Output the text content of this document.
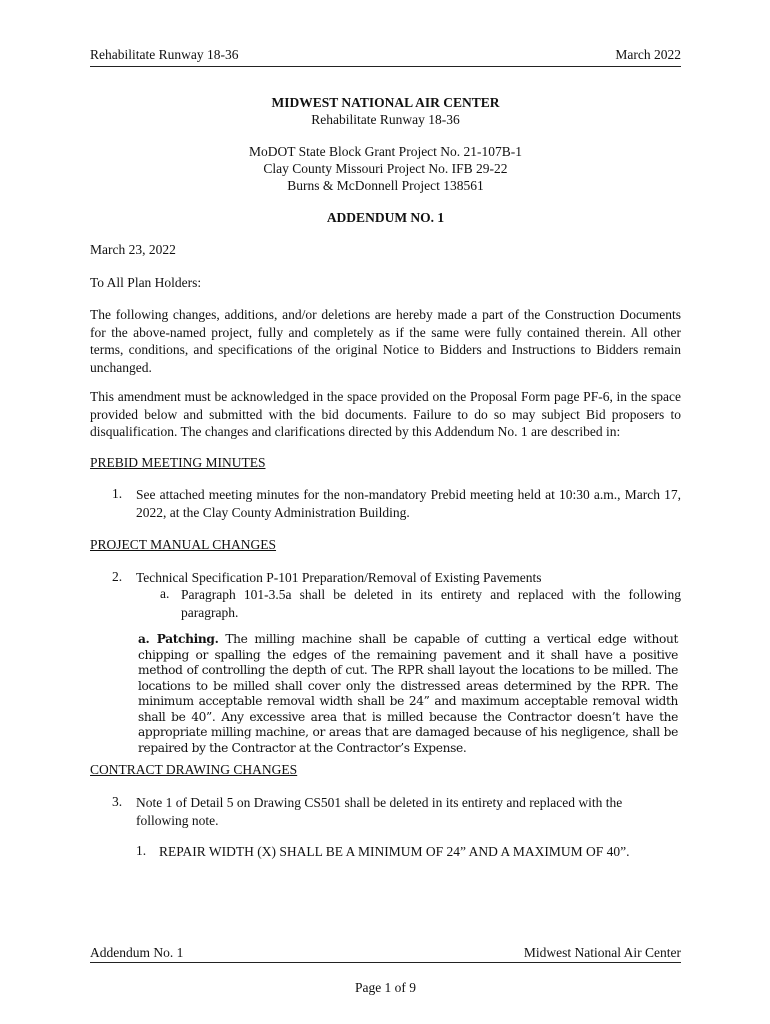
Rehabilitate Runway 18-36	March 2022
MIDWEST NATIONAL AIR CENTER
Rehabilitate Runway 18-36
MoDOT State Block Grant Project No. 21-107B-1
Clay County Missouri Project No. IFB 29-22
Burns & McDonnell Project 138561
ADDENDUM NO. 1
March 23, 2022
To All Plan Holders:
The following changes, additions, and/or deletions are hereby made a part of the Construction Documents for the above-named project, fully and completely as if the same were fully contained therein. All other terms, conditions, and specifications of the original Notice to Bidders and Instructions to Bidders remain unchanged.
This amendment must be acknowledged in the space provided on the Proposal Form page PF-6, in the space provided below and submitted with the bid documents. Failure to do so may subject Bid proposers to disqualification. The changes and clarifications directed by this Addendum No. 1 are described in:
PREBID MEETING MINUTES
1. See attached meeting minutes for the non-mandatory Prebid meeting held at 10:30 a.m., March 17, 2022, at the Clay County Administration Building.
PROJECT MANUAL CHANGES
2. Technical Specification P-101 Preparation/Removal of Existing Pavements
a. Paragraph 101-3.5a shall be deleted in its entirety and replaced with the following paragraph.
a. Patching. The milling machine shall be capable of cutting a vertical edge without chipping or spalling the edges of the remaining pavement and it shall have a positive method of controlling the depth of cut. The RPR shall layout the locations to be milled. The locations to be milled shall cover only the distressed areas determined by the RPR. The minimum acceptable removal width shall be 24” and maximum acceptable removal width shall be 40”. Any excessive area that is milled because the Contractor doesn’t have the appropriate milling machine, or areas that are damaged because of his negligence, shall be repaired by the Contractor at the Contractor’s Expense.
CONTRACT DRAWING CHANGES
3. Note 1 of Detail 5 on Drawing CS501 shall be deleted in its entirety and replaced with the following note.
1. REPAIR WIDTH (X) SHALL BE A MINIMUM OF 24” AND A MAXIMUM OF 40”.
Addendum No. 1	Midwest National Air Center
Page 1 of 9
